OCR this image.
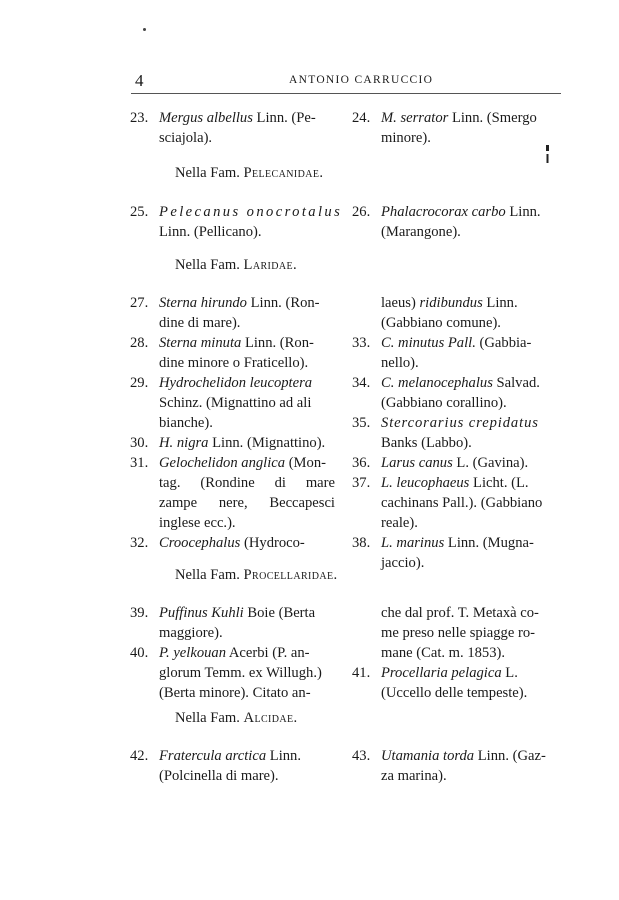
4	ANTONIO CARRUCCIO
23. Mergus albellus Linn. (Pe-
sciajola).
24. M. serrator Linn. (Smergo
minore).
Nella Fam. Pelecanidae.
25. Pelecanus onocrotalus
Linn. (Pellicano).
26. Phalacrocorax carbo Linn.
(Marangone).
Nella Fam. Laridae.
27. Sterna hirundo Linn. (Ron-
dine di mare).
28. Sterna minuta Linn. (Ron-
dine minore o Fraticello).
29. Hydrochelidon leucoptera
Schinz. (Mignattino ad ali
bianche).
30. H. nigra Linn. (Mignattino).
31. Gelochelidon anglica (Mon-
tag. (Rondine di mare
zampe nere, Beccapesci
inglese ecc.).
32. Croocephalus (Hydroco-
laeus) ridibundus Linn. (Gabbiano comune).
33. C. minutus Pall. (Gabbia-
nello).
34. C. melanocephalus Salvad.
(Gabbiano corallino).
35. Stercorarius crepidatus
Banks (Labbo).
36. Larus canus L. (Gavina).
37. L. leucophaeus Licht. (L.
cachinans Pall.). (Gabbiano
reale).
38. L. marinus Linn. (Mugna-
jaccio).
Nella Fam. Procellaridae.
39. Puffinus Kuhli Boie (Berta
maggiore).
40. P. yelkouan Acerbi (P. an-
glorum Temm. ex Willugh.)
(Berta minore). Citato an-
che dal prof. T. Metaxà co- me preso nelle spiagge ro- mane (Cat. m. 1853).
41. Procellaria pelagica L.
(Uccello delle tempeste).
Nella Fam. Alcidae.
42. Fratercula arctica Linn.
(Polcinella di mare).
43. Utamania torda Linn. (Gaz-
za marina).
